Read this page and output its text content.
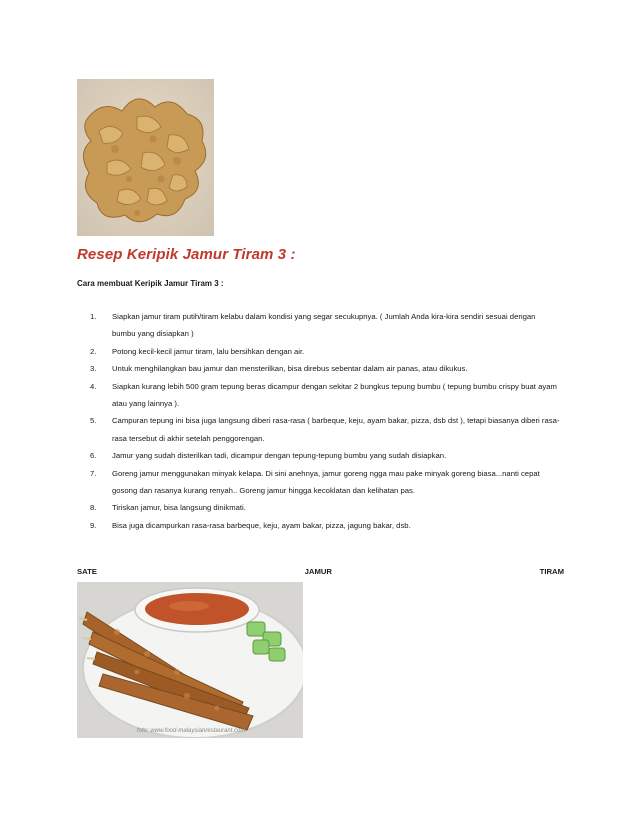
Resep Keripik Jamur Tiram 3 :

Cara membuat Keripik Jamur Tiram 3 :

1.	Siapkan jamur tiram putih/tiram kelabu dalam kondisi yang segar secukupnya. ( Jumlah Anda kira-kira sendiri sesuai dengan bumbu yang disiapkan )
2.	Potong kecil-kecil jamur tiram, lalu bersihkan dengan air.
3.	Untuk menghilangkan bau jamur dan mensterilkan, bisa direbus sebentar dalam air panas, atau dikukus.
4.	Siapkan kurang lebih 500 gram tepung beras dicampur dengan sekitar 2 bungkus tepung bumbu ( tepung bumbu crispy buat ayam atau yang lainnya ).
5.	Campuran tepung ini bisa juga langsung diberi rasa-rasa ( barbeque, keju, ayam bakar, pizza, dsb dst ), tetapi biasanya diberi rasa-rasa tersebut di akhir setelah penggorengan.
6.	Jamur yang sudah disterilkan tadi, dicampur dengan tepung-tepung bumbu yang sudah disiapkan.
7.	Goreng jamur menggunakan minyak kelapa. Di sini anehnya, jamur goreng ngga mau pake minyak goreng biasa...nanti cepat gosong dan rasanya kurang renyah.. Goreng jamur hingga kecoklatan dan kelihatan pas.
8.	Tiriskan jamur, bisa langsung dinikmati.
9.	Bisa juga dicampurkan rasa-rasa barbeque, keju, ayam bakar, pizza, jagung bakar, dsb.
SATE	JAMUR	TIRAM
foto: www.food-malaysianrestaurant.com
